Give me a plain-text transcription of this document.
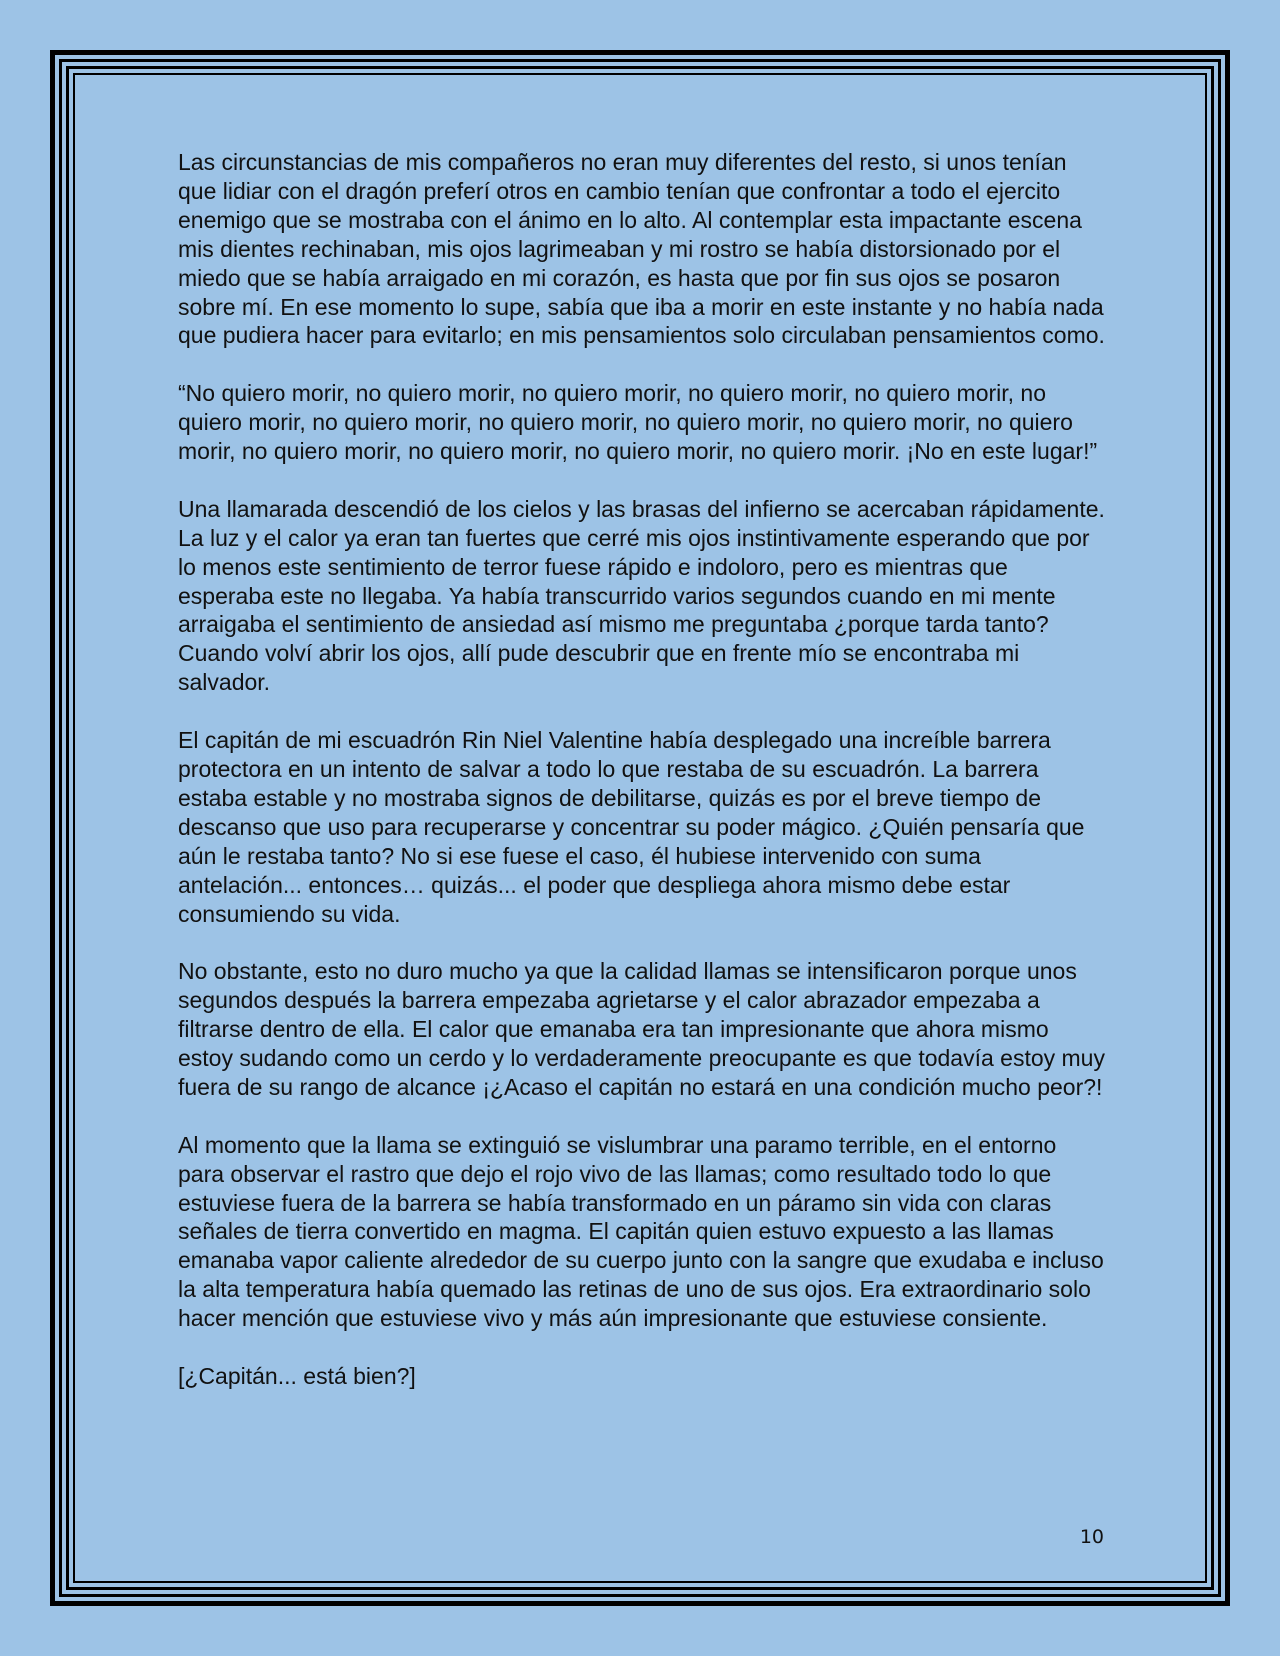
Las circunstancias de mis compañeros no eran muy diferentes del resto, si unos tenían que lidiar con el dragón preferí otros en cambio tenían que confrontar a todo el ejercito enemigo que se mostraba con el ánimo en lo alto. Al contemplar esta impactante escena mis dientes rechinaban, mis ojos lagrimeaban y mi rostro se había distorsionado por el miedo que se había arraigado en mi corazón, es hasta que por fin sus ojos se posaron sobre mí. En ese momento lo supe, sabía que iba a morir en este instante y no había nada que pudiera hacer para evitarlo; en mis pensamientos solo circulaban pensamientos como.

“No quiero morir, no quiero morir, no quiero morir, no quiero morir, no quiero morir, no quiero morir, no quiero morir, no quiero morir, no quiero morir, no quiero morir, no quiero morir, no quiero morir, no quiero morir, no quiero morir, no quiero morir. ¡No en este lugar!”

Una llamarada descendió de los cielos y las brasas del infierno se acercaban rápidamente. La luz y el calor ya eran tan fuertes que cerré mis ojos instintivamente esperando que por lo menos este sentimiento de terror fuese rápido e indoloro, pero es mientras que esperaba este no llegaba. Ya había transcurrido varios segundos cuando en mi mente arraigaba el sentimiento de ansiedad así mismo me preguntaba ¿porque tarda tanto? Cuando volví abrir los ojos, allí pude descubrir que en frente mío se encontraba mi salvador.

El capitán de mi escuadrón Rin Niel Valentine había desplegado una increíble barrera protectora en un intento de salvar a todo lo que restaba de su escuadrón. La barrera estaba estable y no mostraba signos de debilitarse, quizás es por el breve tiempo de descanso que uso para recuperarse y concentrar su poder mágico. ¿Quién pensaría que aún le restaba tanto? No si ese fuese el caso, él hubiese intervenido con suma antelación... entonces… quizás... el poder que despliega ahora mismo debe estar consumiendo su vida.

No obstante, esto no duro mucho ya que la calidad llamas se intensificaron porque unos segundos después la barrera empezaba agrietarse y el calor abrazador empezaba a filtrarse dentro de ella. El calor que emanaba era tan impresionante que ahora mismo estoy sudando como un cerdo y lo verdaderamente preocupante es que todavía estoy muy fuera de su rango de alcance ¡¿Acaso el capitán no estará en una condición mucho peor?!

Al momento que la llama se extinguió se vislumbrar una paramo terrible, en el entorno para observar el rastro que dejo el rojo vivo de las llamas; como resultado todo lo que estuviese fuera de la barrera se había transformado en un páramo sin vida con claras señales de tierra convertido en magma. El capitán quien estuvo expuesto a las llamas emanaba vapor caliente alrededor de su cuerpo junto con la sangre que exudaba e incluso la alta temperatura había quemado las retinas de uno de sus ojos. Era extraordinario solo hacer mención que estuviese vivo y más aún impresionante que estuviese consiente.

[¿Capitán... está bien?]

10
